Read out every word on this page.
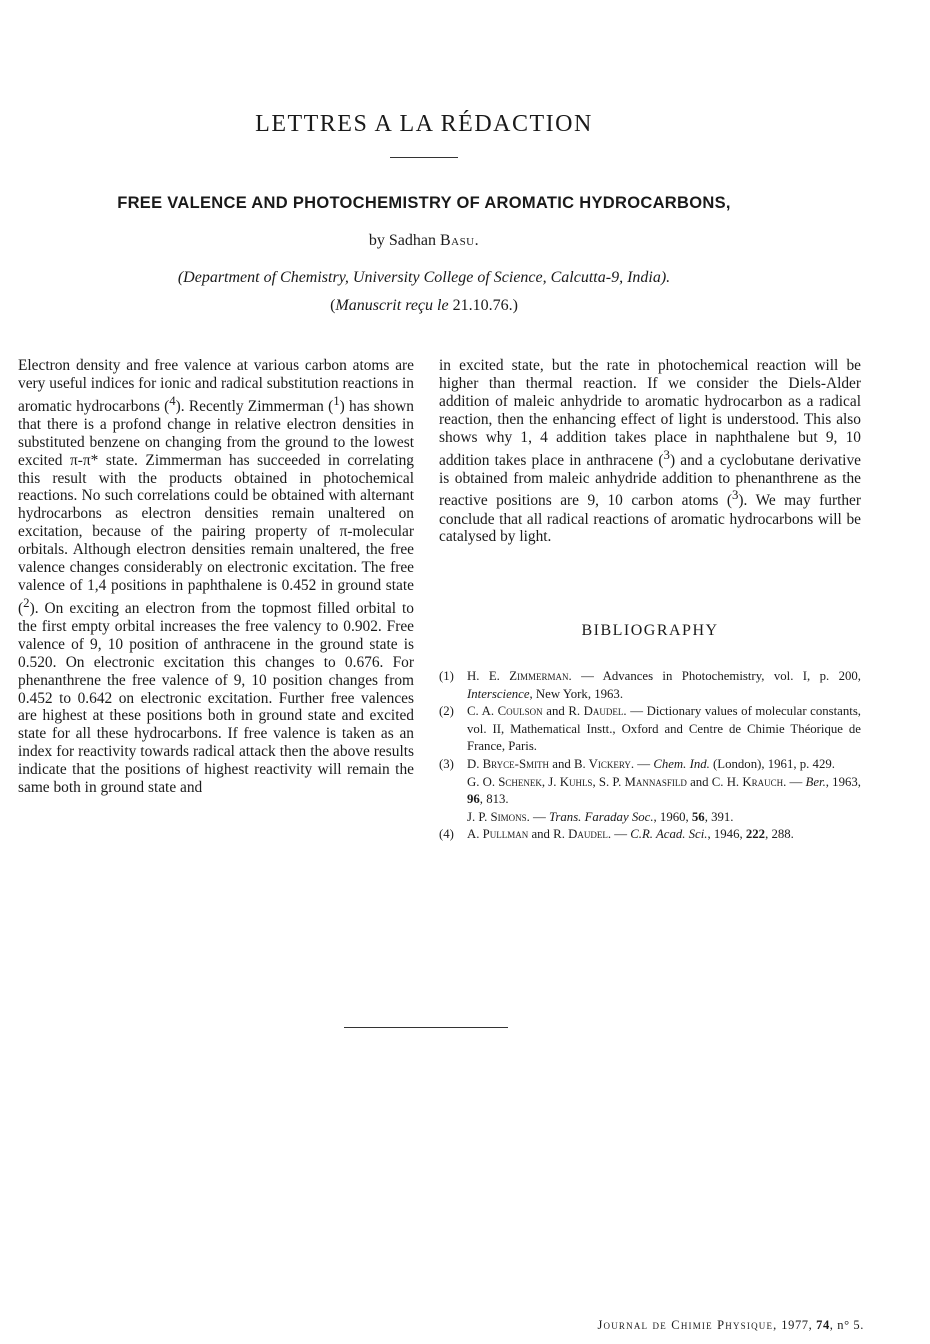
LETTRES A LA RÉDACTION
FREE VALENCE AND PHOTOCHEMISTRY OF AROMATIC HYDROCARBONS,
by Sadhan Basu.
(Department of Chemistry, University College of Science, Calcutta-9, India).
(Manuscrit reçu le 21.10.76.)
Electron density and free valence at various carbon atoms are very useful indices for ionic and radical substitution reactions in aromatic hydrocarbons ($^4$). Recently Zimmerman ($^1$) has shown that there is a profond change in relative electron densities in substituted benzene on changing from the ground to the lowest excited π-π* state. Zimmerman has succeeded in correlating this result with the products obtained in photochemical reactions. No such correlations could be obtained with alternant hydrocarbons as electron densities remain unaltered on excitation, because of the pairing property of π-molecular orbitals. Although electron densities remain unaltered, the free valence changes considerably on electronic excitation. The free valence of 1,4 positions in paphthalene is 0.452 in ground state ($^2$). On exciting an electron from the topmost filled orbital to the first empty orbital increases the free valency to 0.902. Free valence of 9, 10 position of anthracene in the ground state is 0.520. On electronic excitation this changes to 0.676. For phenanthrene the free valence of 9, 10 position changes from 0.452 to 0.642 on electronic excitation. Further free valences are highest at these positions both in ground state and excited state for all these hydrocarbons. If free valence is taken as an index for reactivity towards radical attack then the above results indicate that the positions of highest reactivity will remain the same both in ground state and
in excited state, but the rate in photochemical reaction will be higher than thermal reaction. If we consider the Diels-Alder addition of maleic anhydride to aromatic hydrocarbon as a radical reaction, then the enhancing effect of light is understood. This also shows why 1, 4 addition takes place in naphthalene but 9, 10 addition takes place in anthracene ($^3$) and a cyclobutane derivative is obtained from maleic anhydride addition to phenanthrene as the reactive positions are 9, 10 carbon atoms ($^3$). We may further conclude that all radical reactions of aromatic hydrocarbons will be catalysed by light.
BIBLIOGRAPHY
(1)	H. E. Zimmerman. — Advances in Photochemistry, vol. I, p. 200, Interscience, New York, 1963.
(2)	C. A. Coulson and R. Daudel. — Dictionary values of molecular constants, vol. II, Mathematical Instt., Oxford and Centre de Chimie Théorique de France, Paris.
(3)	D. Bryce-Smith and B. Vickery. — Chem. Ind. (London), 1961, p. 429.
G. O. Schenek, J. Kuhls, S. P. Mannasfild and C. H. Krauch. — Ber., 1963, 96, 813.
J. P. Simons. — Trans. Faraday Soc., 1960, 56, 391.
(4)	A. Pullman and R. Daudel. — C.R. Acad. Sci., 1946, 222, 288.
Journal de Chimie Physique, 1977, 74, n° 5.
